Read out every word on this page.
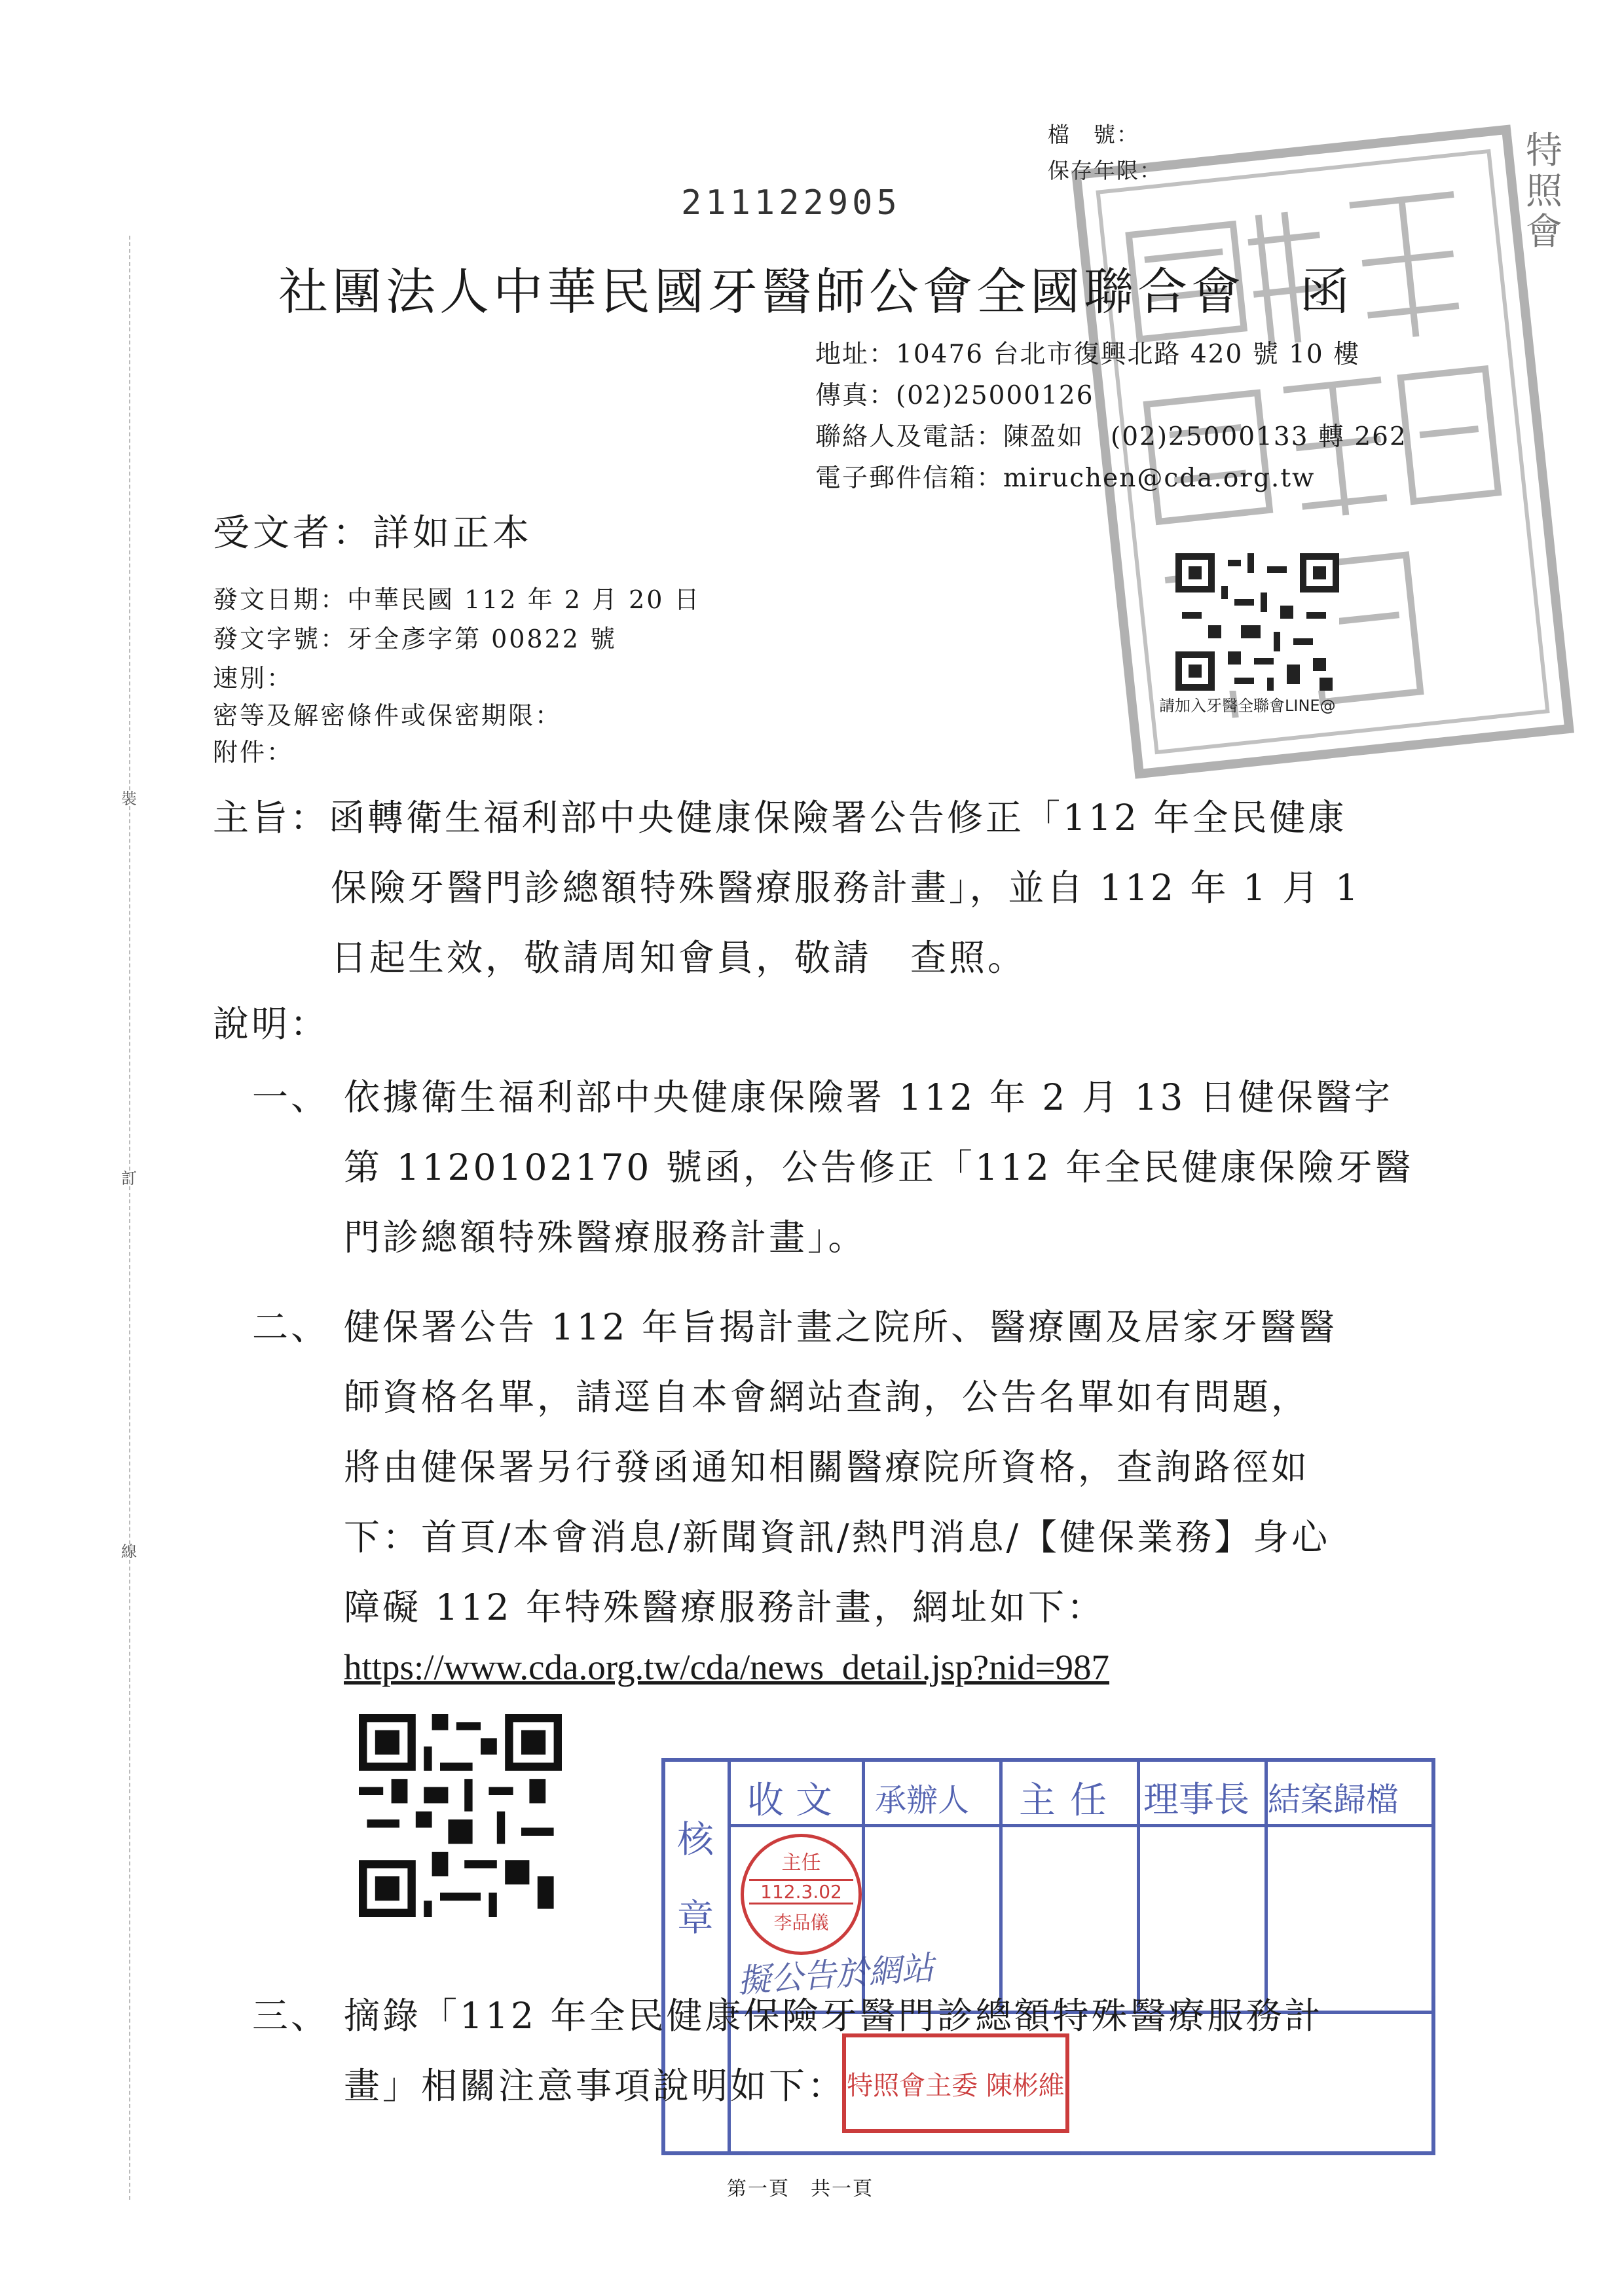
裝
訂
線
檔　號：
保存年限：
211122905
特照會
請加入牙醫全聯會LINE@
社團法人中華民國牙醫師公會全國聯合會 函
地址：10476 台北市復興北路 420 號 10 樓
傳真：(02)25000126
聯絡人及電話：陳盈如　(02)25000133 轉 262
電子郵件信箱：miruchen@cda.org.tw
受文者：詳如正本
發文日期：中華民國 112 年 2 月 20 日
發文字號：牙全彥字第 00822 號
速別：
密等及解密條件或保密期限：
附件：
主旨：函轉衛生福利部中央健康保險署公告修正「112 年全民健康
保險牙醫門診總額特殊醫療服務計畫」，並自 112 年 1 月 1
日起生效，敬請周知會員，敬請　查照。
說明：
一、 依據衛生福利部中央健康保險署 112 年 2 月 13 日健保醫字
第 1120102170 號函，公告修正「112 年全民健康保險牙醫
門診總額特殊醫療服務計畫」。
二、 健保署公告 112 年旨揭計畫之院所、醫療團及居家牙醫醫
師資格名單，請逕自本會網站查詢，公告名單如有問題，
將由健保署另行發函通知相關醫療院所資格，查詢路徑如
下：首頁/本會消息/新聞資訊/熱門消息/【健保業務】身心
障礙 112 年特殊醫療服務計畫，網址如下：
https://www.cda.org.tw/cda/news_detail.jsp?nid=987
核章
收文 承辦人 主任 理事長 結案歸檔
主任
112.3.02
李品儀
擬公告於網站
特照會主委 陳彬維
三、 摘錄「112 年全民健康保險牙醫門診總額特殊醫療服務計
畫」相關注意事項說明如下：
第一頁　共一頁
